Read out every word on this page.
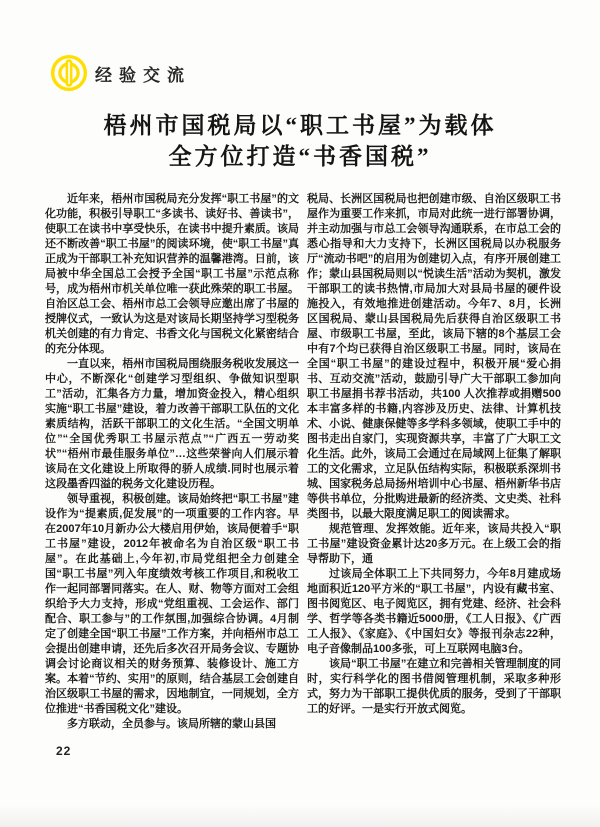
经验交流
梧州市国税局以“职工书屋”为载体
全方位打造“书香国税”

近年来，梧州市国税局充分发挥“职工书屋”的文化功能，积极引导职工“多读书、读好书、善读书”，使职工在读书中享受快乐，在读书中提升素质。该局还不断改善“职工书屋”的阅读环境，使“职工书屋”真正成为干部职工补充知识营养的温馨港湾。日前，该局被中华全国总工会授予全国“职工书屋”示范点称号，成为梧州市机关单位唯一获此殊荣的职工书屋。自治区总工会、梧州市总工会领导应邀出席了书屋的授牌仪式，一致认为这是对该局长期坚持学习型税务机关创建的有力肯定、书香文化与国税文化紧密结合的充分体现。

一直以来，梧州市国税局围绕服务税收发展这一中心，不断深化“创建学习型组织、争做知识型职工”活动，汇集各方力量，增加资金投入，精心组织实施“职工书屋”建设，着力改善干部职工队伍的文化素质结构，活跃干部职工的文化生活。“全国文明单位”“全国优秀职工书屋示范点”“广西五一劳动奖状”“梧州市最佳服务单位”…这些荣誉向人们展示着该局在文化建设上所取得的骄人成绩.同时也展示着这段墨香四溢的税务文化建设历程。

领导重视，积极创建。该局始终把“职工书屋”建设作为“提素质,促发展”的一项重要的工作内容。早在2007年10月新办公大楼启用伊始，该局便着手“职工书屋”建设，2012年被命名为自治区级“职工书屋”。在此基础上,今年初,市局党组把全力创建全国“职工书屋”列入年度绩效考核工作项目,和税收工作一起同部署同落实。在人、财、物等方面对工会组织给予大力支持，形成“党组重视、工会运作、部门配合、职工参与”的工作氛围,加强综合协调。4月制定了创建全国“职工书屋”工作方案，并向梧州市总工会提出创建申请，还先后多次召开局务会议、专题协调会讨论商议相关的财务预算、装修设计、施工方案。本着“节约、实用”的原则，结合基层工会创建自治区级职工书屋的需求，因地制宜，一同规划，全方位推进“书香国税文化”建设。

多方联动，全员参与。该局所辖的蒙山县国

税局、长洲区国税局也把创建市级、自治区级职工书屋作为重要工作来抓，市局对此统一进行部署协调，并主动加强与市总工会领导沟通联系，在市总工会的悉心指导和大力支持下，长洲区国税局以办税服务厅“流动书吧”的启用为创建切入点，有序开展创建工作；蒙山县国税局则以“悦读生活”活动为契机，激发干部职工的读书热情,市局加大对县局书屋的硬件设施投入，有效地推进创建活动。今年7、8月，长洲区国税局、蒙山县国税局先后获得自治区级职工书屋、市级职工书屋，至此，该局下辖的8个基层工会中有7个均已获得自治区级职工书屋。同时，该局在全国“职工书屋”的建设过程中，积极开展“爱心捐书、互动交流”活动，鼓励引导广大干部职工参加向职工书屋捐书荐书活动，共100 人次推荐或捐赠500本丰富多样的书籍,内容涉及历史、法律、计算机技术、小说、健康保健等多学科多领域，使职工手中的图书走出自家门，实现资源共享，丰富了广大职工文化生活。此外，该局工会通过在局域网上征集了解职工的文化需求，立足队伍结构实际，积极联系深圳书城、国家税务总局扬州培训中心书屋、梧州新华书店等供书单位，分批购进最新的经济类、文史类、社科类图书，以最大限度满足职工的阅读需求。

规范管理、发挥效能。近年来，该局共投入“职工书屋”建设资金累计达20多万元。在上级工会的指导帮助下，通

过该局全体职工上下共同努力，今年8月建成场地面积近120平方米的“职工书屋”，内设有藏书室、图书阅览区、电子阅览区，拥有党建、经济、社会科学、哲学等各类书籍近5000册，《工人日报》、《广西工人报》、《家庭》、《中国妇女》等报刊杂志22种，电子音像制品100多张，可上互联网电脑3台。

该局“职工书屋”在建立和完善相关管理制度的同时，实行科学化的图书借阅管理机制，采取多种形式，努力为干部职工提供优质的服务，受到了干部职工的好评。一是实行开放式阅览。

22
